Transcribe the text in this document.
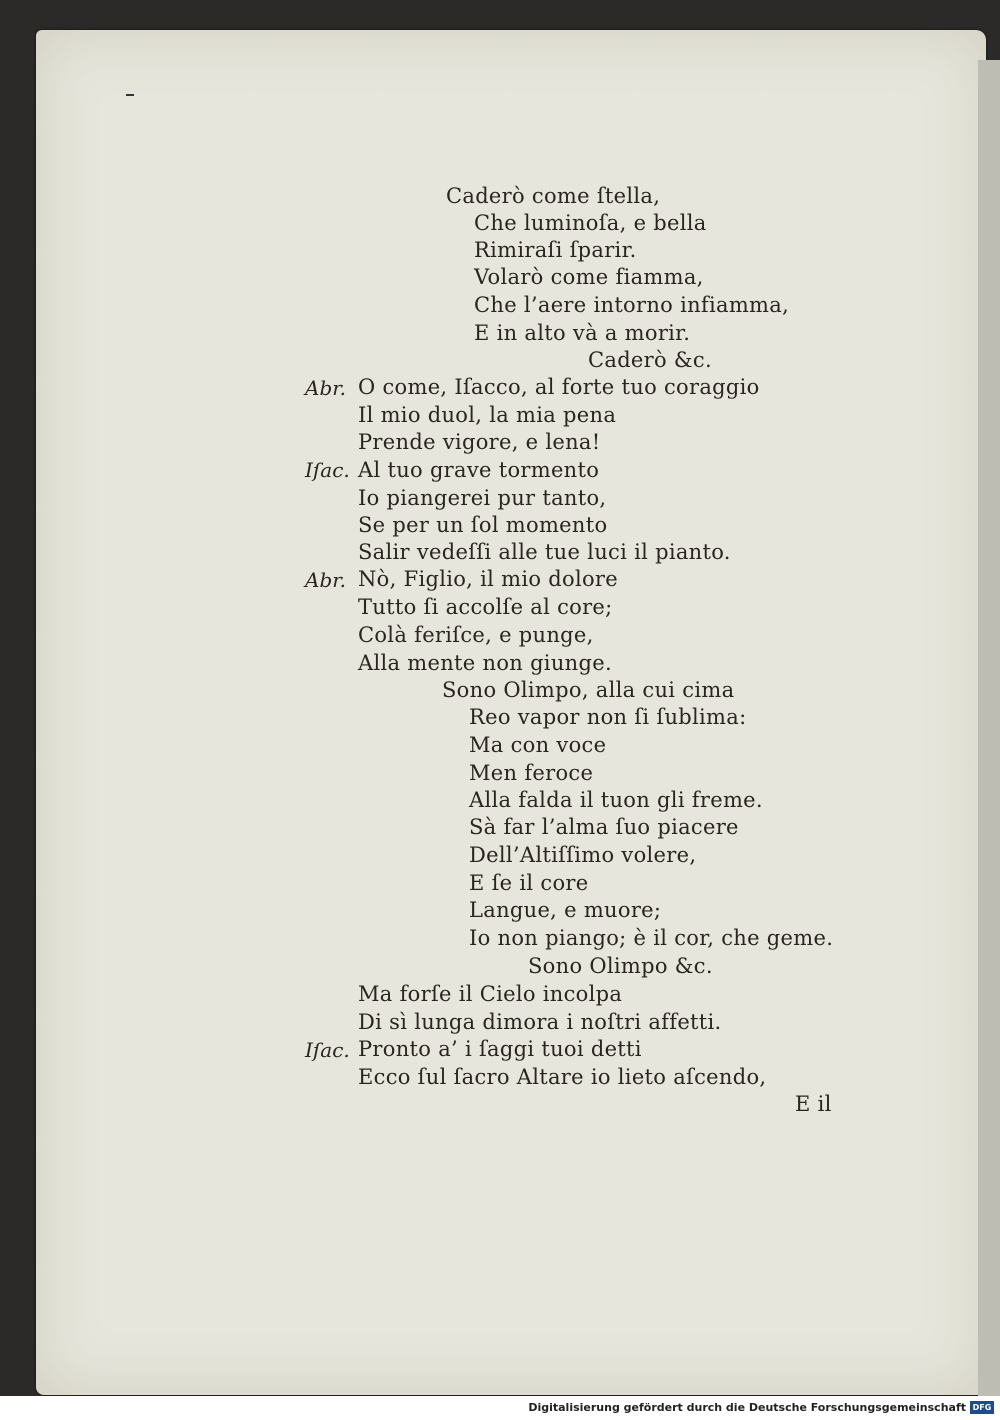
Caderò come ſtella,
Che luminoſa, e bella
Rimiraſi ſparir.
Volarò come fiamma,
Che l’aere intorno infiamma,
E in alto và a morir.
Caderò &c.
Abr. O come, Iſacco, al forte tuo coraggio
Il mio duol, la mia pena
Prende vigore, e lena!
Iſac. Al tuo grave tormento
Io piangerei pur tanto,
Se per un ſol momento
Salir vedeſſi alle tue luci il pianto.
Abr. Nò, Figlio, il mio dolore
Tutto ſi accolſe al core;
Colà feriſce, e punge,
Alla mente non giunge.
Sono Olimpo, alla cui cima
Reo vapor non ſi ſublima:
Ma con voce
Men feroce
Alla falda il tuon gli freme.
Sà far l’alma ſuo piacere
Dell’Altiſſimo volere,
E ſe il core
Langue, e muore;
Io non piango; è il cor, che geme.
Sono Olimpo &c.
Ma forſe il Cielo incolpa
Di sì lunga dimora i noſtri affetti.
Iſac. Pronto a’ i ſaggi tuoi detti
Ecco ſul ſacro Altare io lieto aſcendo,
E il
Digitalisierung gefördert durch die Deutsche Forschungsgemeinschaft DFG
